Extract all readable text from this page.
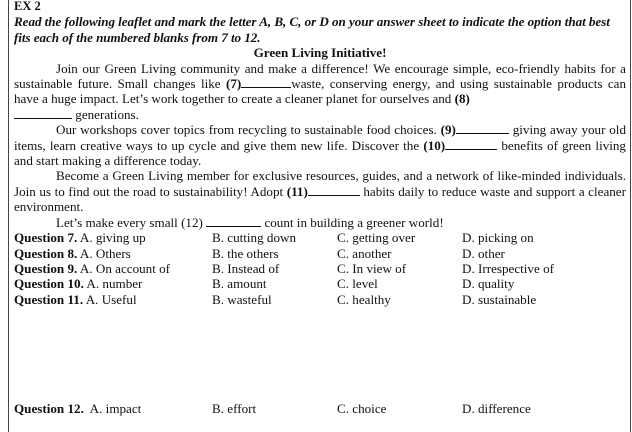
EX 2
Read the following leaflet and mark the letter A, B, C, or D on your answer sheet to indicate the option that best fits each of the numbered blanks from 7 to 12.
Green Living Initiative!

Join our Green Living community and make a difference! We encourage simple, eco-friendly habits for a sustainable future. Small changes like (7)	waste, conserving energy, and using sustainable products can have a huge impact. Let’s work together to create a cleaner planet for ourselves and (8)
generations.

Our workshops cover topics from recycling to sustainable food choices. (9)	giving away your old items, learn creative ways to up cycle and give them new life. Discover the (10)	benefits of green living and start making a difference today.

Become a Green Living member for exclusive resources, guides, and a network of like-minded individuals. Join us to find out the road to sustainability! Adopt (11)	habits daily to reduce waste and support a cleaner environment.

Let’s make every small (12)	count in building a greener world!

Question 7. A. giving up	B. cutting down	C. getting over	D. picking on
Question 8. A. Others	B. the others	C. another	D. other
Question 9. A. On account of	B. Instead of	C. In view of	D. Irrespective of
Question 10. A. number	B. amount	C. level	D. quality
Question 11. A. Useful	B. wasteful	C. healthy	D. sustainable
Question 12. A. impact	B. effort	C. choice	D. difference
